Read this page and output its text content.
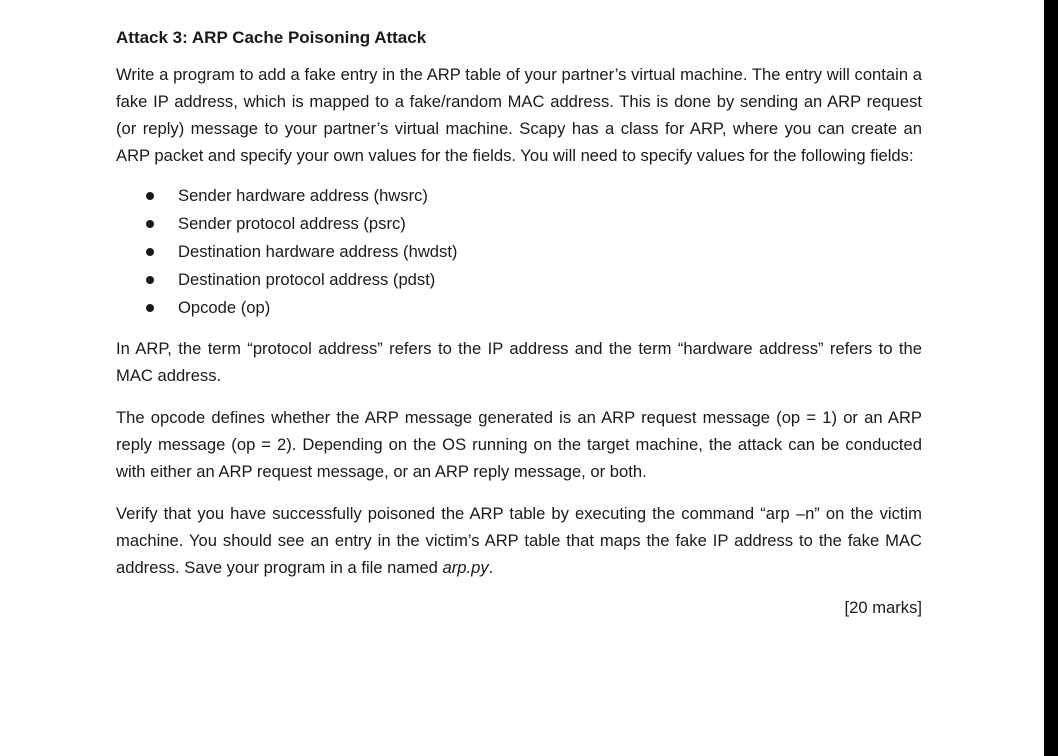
Attack 3: ARP Cache Poisoning Attack

Write a program to add a fake entry in the ARP table of your partner’s virtual machine. The entry will contain a fake IP address, which is mapped to a fake/random MAC address. This is done by sending an ARP request (or reply) message to your partner’s virtual machine. Scapy has a class for ARP, where you can create an ARP packet and specify your own values for the fields. You will need to specify values for the following fields:

Sender hardware address (hwsrc)
Sender protocol address (psrc)
Destination hardware address (hwdst)
Destination protocol address (pdst)
Opcode (op)

In ARP, the term “protocol address” refers to the IP address and the term “hardware address” refers to the MAC address.

The opcode defines whether the ARP message generated is an ARP request message (op = 1) or an ARP reply message (op = 2). Depending on the OS running on the target machine, the attack can be conducted with either an ARP request message, or an ARP reply message, or both.

Verify that you have successfully poisoned the ARP table by executing the command “arp –n” on the victim machine. You should see an entry in the victim’s ARP table that maps the fake IP address to the fake MAC address. Save your program in a file named arp.py.

[20 marks]
